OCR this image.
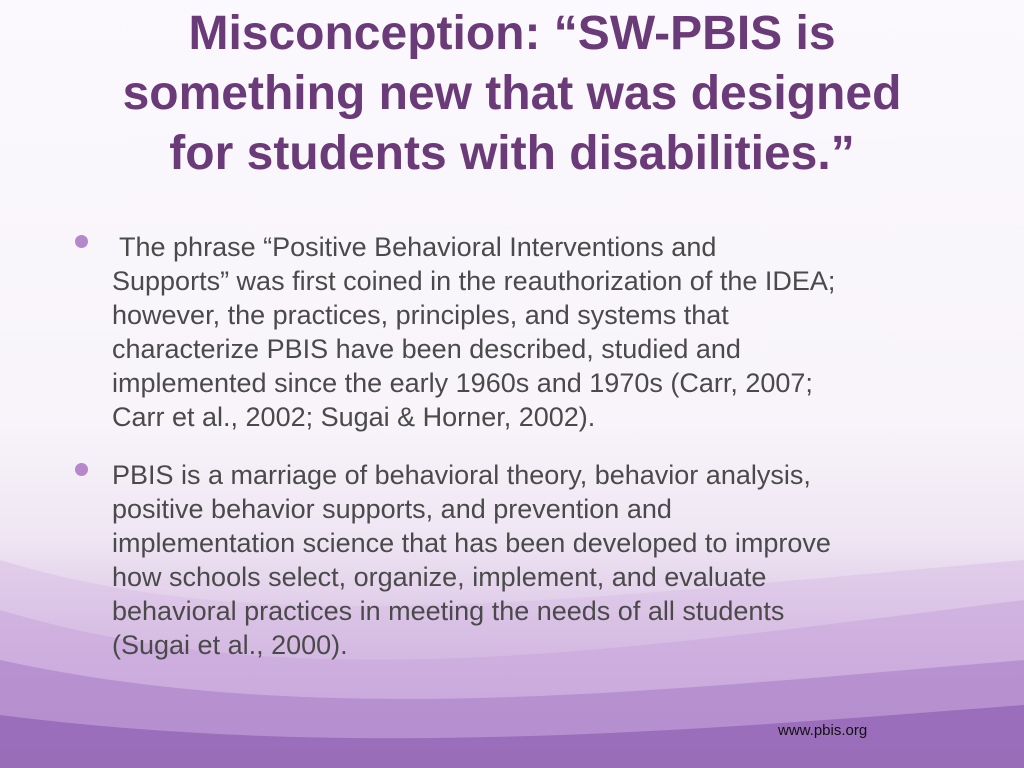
Misconception: “SW-PBIS is
something new that was designed
for students with disabilities.”
The phrase “Positive Behavioral Interventions and
Supports” was first coined in the reauthorization of the IDEA;
however, the practices, principles, and systems that
characterize PBIS have been described, studied and
implemented since the early 1960s and 1970s (Carr, 2007;
Carr et al., 2002; Sugai & Horner, 2002).
PBIS is a marriage of behavioral theory, behavior analysis,
positive behavior supports, and prevention and
implementation science that has been developed to improve
how schools select, organize, implement, and evaluate
behavioral practices in meeting the needs of all students
(Sugai et al., 2000).
www.pbis.org
